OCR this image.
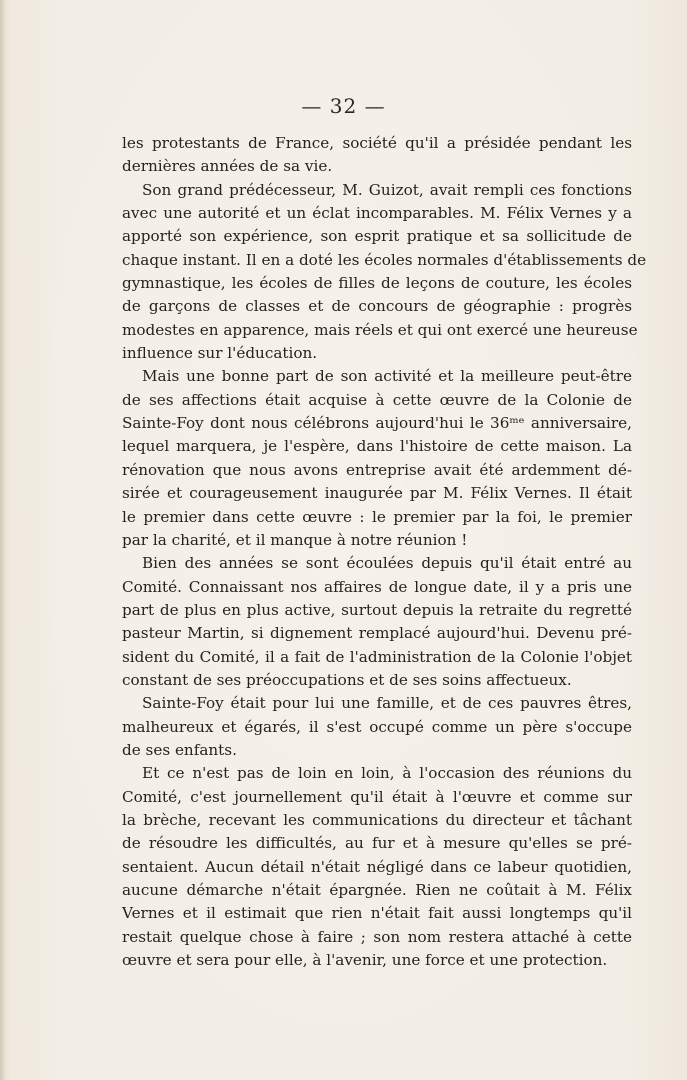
— 32 —
les protestants de France, société qu'il a présidée pendant les
dernières années de sa vie.
Son grand prédécesseur, M. Guizot, avait rempli ces fonctions
avec une autorité et un éclat incomparables. M. Félix Vernes y a
apporté son expérience, son esprit pratique et sa sollicitude de
chaque instant. Il en a doté les écoles normales d'établissements de
gymnastique, les écoles de filles de leçons de couture, les écoles
de garçons de classes et de concours de géographie : progrès
modestes en apparence, mais réels et qui ont exercé une heureuse
influence sur l'éducation.
Mais une bonne part de son activité et la meilleure peut-être
de ses affections était acquise à cette œuvre de la Colonie de
Sainte-Foy dont nous célébrons aujourd'hui le 36ᵐᵉ anniversaire,
lequel marquera, je l'espère, dans l'histoire de cette maison. La
rénovation que nous avons entreprise avait été ardemment dé-
sirée et courageusement inaugurée par M. Félix Vernes. Il était
le premier dans cette œuvre : le premier par la foi, le premier
par la charité, et il manque à notre réunion !
Bien des années se sont écoulées depuis qu'il était entré au
Comité. Connaissant nos affaires de longue date, il y a pris une
part de plus en plus active, surtout depuis la retraite du regretté
pasteur Martin, si dignement remplacé aujourd'hui. Devenu pré-
sident du Comité, il a fait de l'administration de la Colonie l'objet
constant de ses préoccupations et de ses soins affectueux.
Sainte-Foy était pour lui une famille, et de ces pauvres êtres,
malheureux et égarés, il s'est occupé comme un père s'occupe
de ses enfants.
Et ce n'est pas de loin en loin, à l'occasion des réunions du
Comité, c'est journellement qu'il était à l'œuvre et comme sur
la brèche, recevant les communications du directeur et tâchant
de résoudre les difficultés, au fur et à mesure qu'elles se pré-
sentaient. Aucun détail n'était négligé dans ce labeur quotidien,
aucune démarche n'était épargnée. Rien ne coûtait à M. Félix
Vernes et il estimait que rien n'était fait aussi longtemps qu'il
restait quelque chose à faire ; son nom restera attaché à cette
œuvre et sera pour elle, à l'avenir, une force et une protection.
